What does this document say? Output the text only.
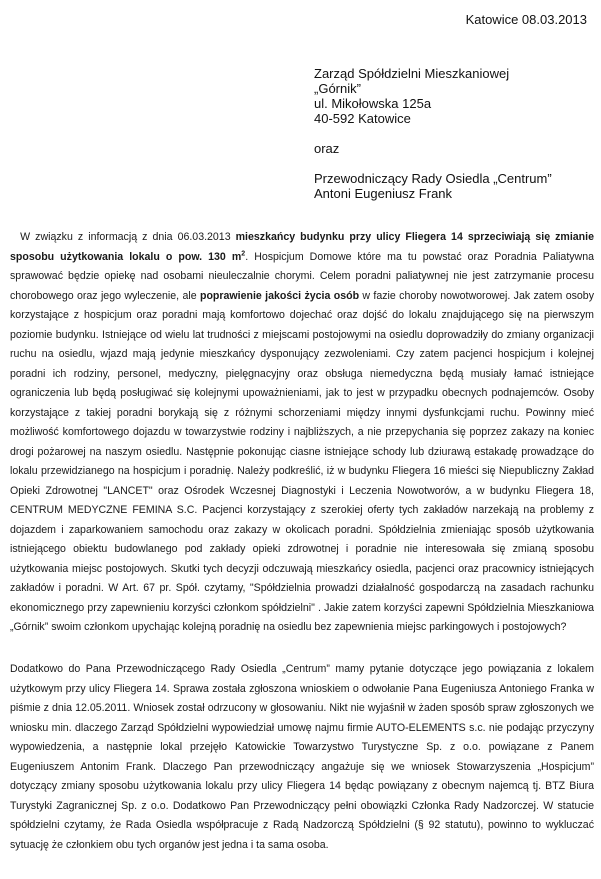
Katowice 08.03.2013
Zarząd Spółdzielni Mieszkaniowej
„Górnik”
ul. Mikołowska 125a
40-592 Katowice
oraz
Przewodniczący Rady Osiedla „Centrum”
Antoni Eugeniusz Frank
W związku z informacją z dnia 06.03.2013 mieszkańcy budynku przy ulicy Fliegera 14 sprzeciwiają się zmianie sposobu użytkowania lokalu o pow. 130 $m^2$. Hospicjum Domowe które ma tu powstać oraz Poradnia Paliatywna sprawować będzie opiekę nad osobami nieuleczalnie chorymi. Celem poradni paliatywnej nie jest zatrzymanie procesu chorobowego oraz jego wyleczenie, ale poprawienie jakości życia osób w fazie choroby nowotworowej. Jak zatem osoby korzystające z hospicjum oraz poradni mają komfortowo dojechać oraz dojść do lokalu znajdującego się na pierwszym poziomie budynku. Istniejące od wielu lat trudności z miejscami postojowymi na osiedlu doprowadziły do zmiany organizacji ruchu na osiedlu, wjazd mają jedynie mieszkańcy dysponujący zezwoleniami. Czy zatem pacjenci hospicjum i kolejnej poradni ich rodziny, personel, medyczny, pielęgnacyjny oraz obsługa niemedyczna będą musiały łamać istniejące ograniczenia lub będą posługiwać się kolejnymi upoważnieniami, jak to jest w przypadku obecnych podnajemców. Osoby korzystające z takiej poradni borykają się z różnymi schorzeniami między innymi dysfunkcjami ruchu. Powinny mieć możliwość komfortowego dojazdu w towarzystwie rodziny i najbliższych, a nie przepychania się poprzez zakazy na koniec drogi pożarowej na naszym osiedlu. Następnie pokonując ciasne istniejące schody lub dziurawą estakadę prowadzące do lokalu przewidzianego na hospicjum i poradnię. Należy podkreślić, iż w budynku Fliegera 16 mieści się Niepubliczny Zakład Opieki Zdrowotnej "LANCET" oraz Ośrodek Wczesnej Diagnostyki i Leczenia Nowotworów, a w budynku Fliegera 18, CENTRUM MEDYCZNE FEMINA S.C. Pacjenci korzystający z szerokiej oferty tych zakładów narzekają na problemy z dojazdem i zaparkowaniem samochodu oraz zakazy w okolicach poradni. Spółdzielnia zmieniając sposób użytkowania istniejącego obiektu budowlanego pod zakłady opieki zdrowotnej i poradnie nie interesowała się zmianą sposobu użytkowania miejsc postojowych. Skutki tych decyzji odczuwają mieszkańcy osiedla, pacjenci oraz pracownicy istniejących zakładów i poradni. W Art. 67 pr. Spół. czytamy, "Spółdzielnia prowadzi działalność gospodarczą na zasadach rachunku ekonomicznego przy zapewnieniu korzyści członkom spółdzielni" . Jakie zatem korzyści zapewni Spółdzielnia Mieszkaniowa „Górnik” swoim członkom upychając kolejną poradnię na osiedlu bez zapewnienia miejsc parkingowych i postojowych?
Dodatkowo do Pana Przewodniczącego Rady Osiedla „Centrum” mamy pytanie dotyczące jego powiązania z lokalem użytkowym przy ulicy Fliegera 14. Sprawa została zgłoszona wnioskiem o odwołanie Pana Eugeniusza Antoniego Franka w piśmie z dnia 12.05.2011. Wniosek został odrzucony w głosowaniu. Nikt nie wyjaśnił w żaden sposób spraw zgłoszonych we wniosku min. dlaczego Zarząd Spółdzielni wypowiedział umowę najmu firmie AUTO-ELEMENTS s.c. nie podając przyczyny wypowiedzenia, a następnie lokal przejęło Katowickie Towarzystwo Turystyczne Sp. z o.o. powiązane z Panem Eugeniuszem Antonim Frank. Dlaczego Pan przewodniczący angażuje się we wniosek Stowarzyszenia „Hospicjum” dotyczący zmiany sposobu użytkowania lokalu przy ulicy Fliegera 14 będąc powiązany z obecnym najemcą tj. BTZ Biura Turystyki Zagranicznej Sp. z o.o. Dodatkowo Pan Przewodniczący pełni obowiązki Członka Rady Nadzorczej. W statucie spółdzielni czytamy, że Rada Osiedla współpracuje z Radą Nadzorczą Spółdzielni (§ 92 statutu), powinno to wykluczać sytuację że członkiem obu tych organów jest jedna i ta sama osoba.
